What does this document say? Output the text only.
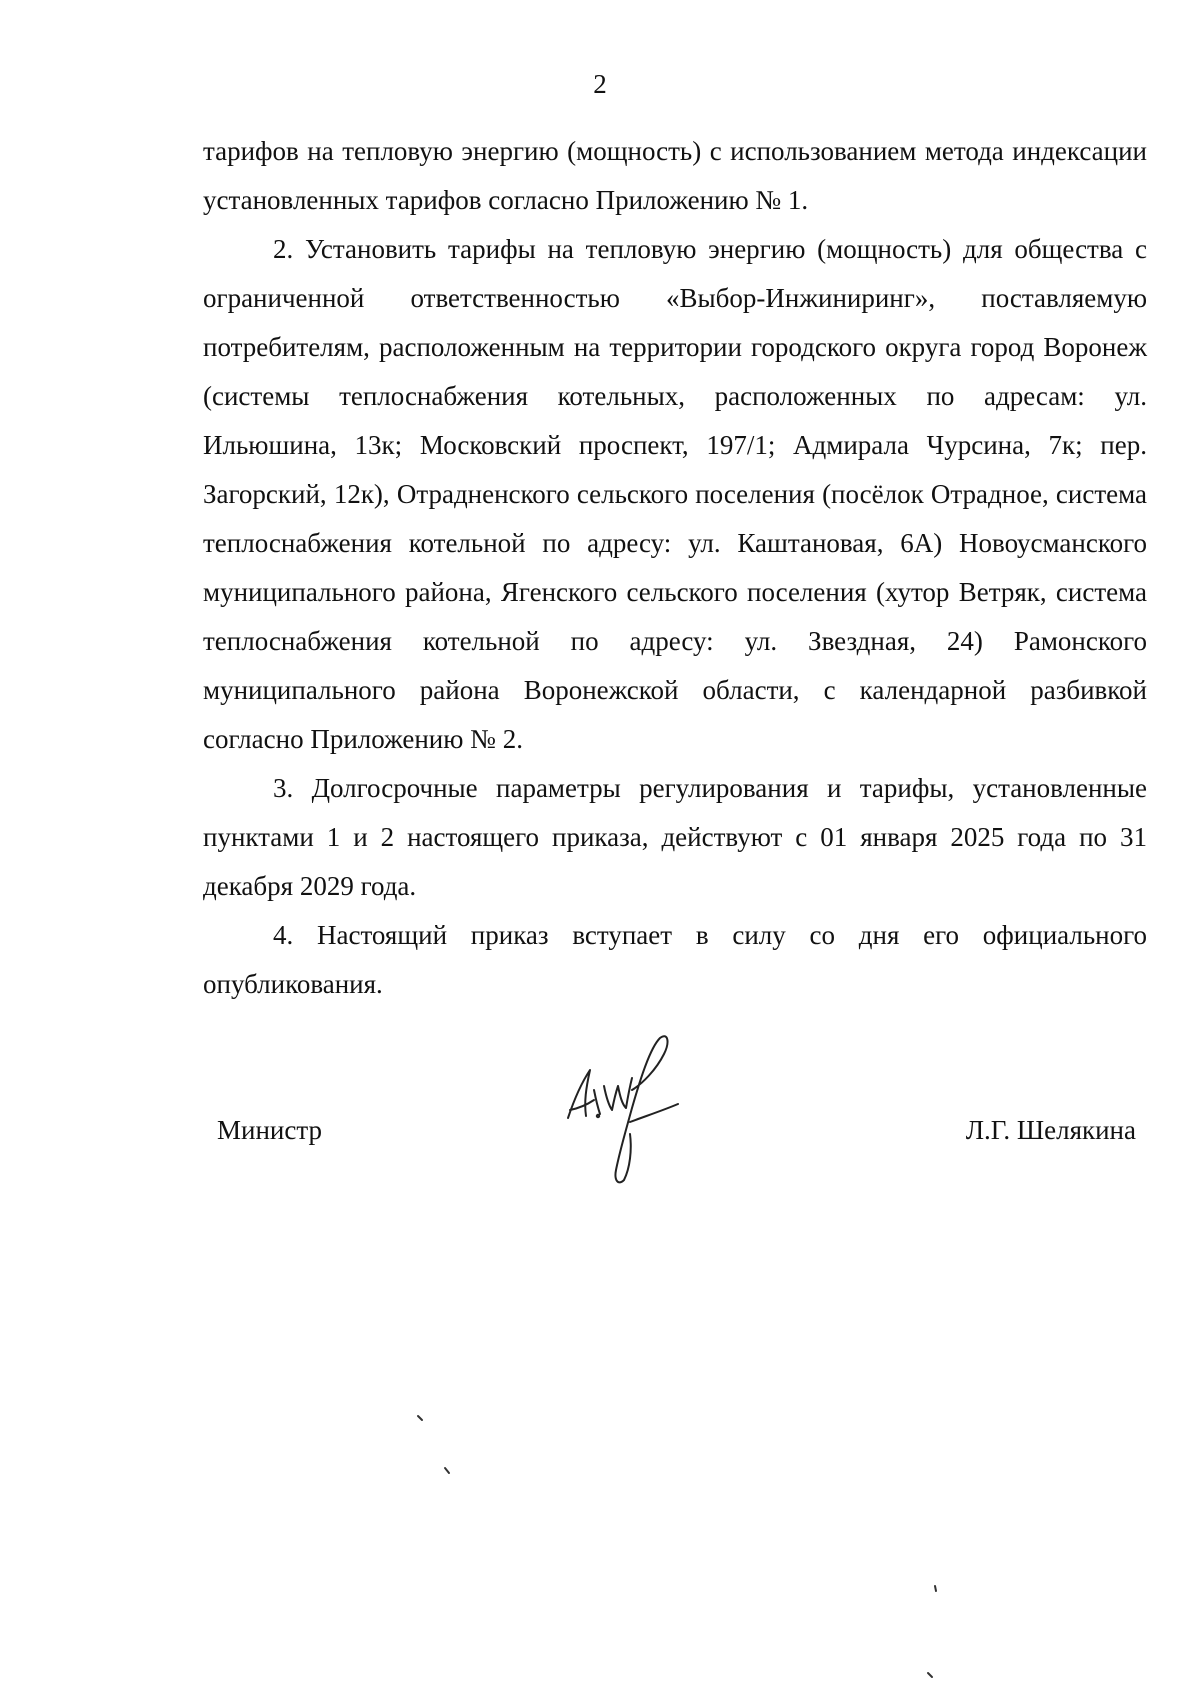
2

тарифов на тепловую энергию (мощность) с использованием метода индексации установленных тарифов согласно Приложению № 1.

2. Установить тарифы на тепловую энергию (мощность) для общества с ограниченной ответственностью «Выбор-Инжиниринг», поставляемую потребителям, расположенным на территории городского округа город Воронеж (системы теплоснабжения котельных, расположенных по адресам: ул. Ильюшина, 13к; Московский проспект, 197/1; Адмирала Чурсина, 7к; пер. Загорский, 12к), Отрадненского сельского поселения (посёлок Отрадное, система теплоснабжения котельной по адресу: ул. Каштановая, 6А) Новоусманского муниципального района, Ягенского сельского поселения (хутор Ветряк, система теплоснабжения котельной по адресу: ул. Звездная, 24) Рамонского муниципального района Воронежской области, с календарной разбивкой согласно Приложению № 2.

3. Долгосрочные параметры регулирования и тарифы, установленные пунктами 1 и 2 настоящего приказа, действуют с 01 января 2025 года по 31 декабря 2029 года.

4. Настоящий приказ вступает в силу со дня его официального опубликования.

Министр	Л.Г. Шелякина
